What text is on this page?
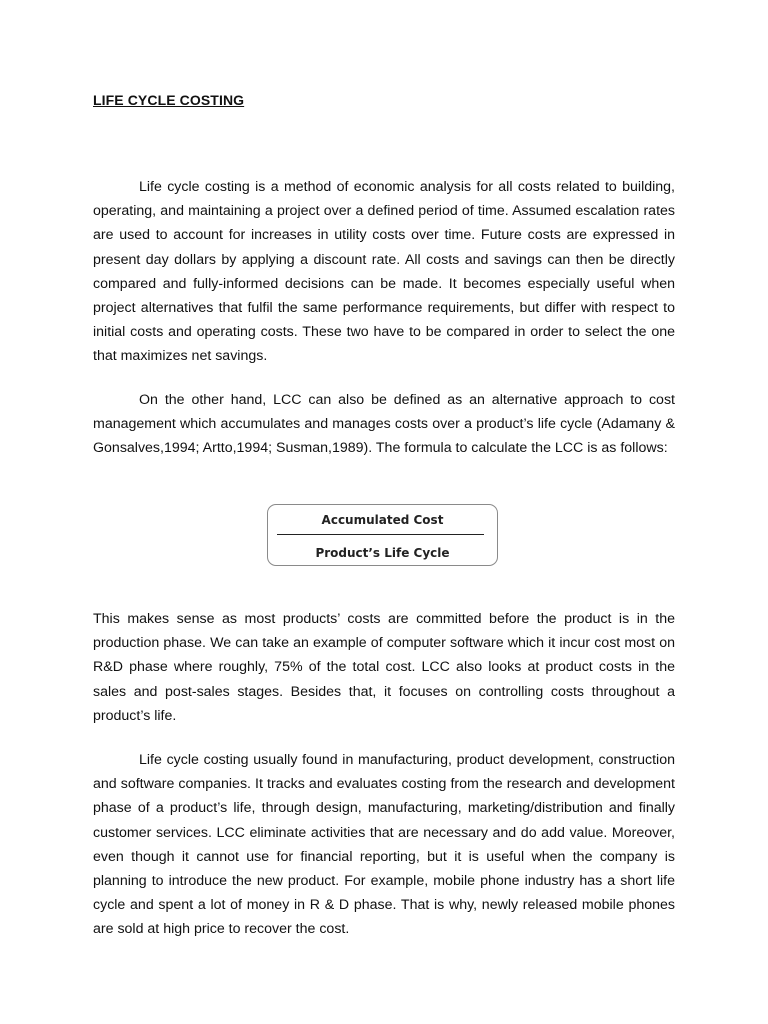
LIFE CYCLE COSTING

Life cycle costing is a method of economic analysis for all costs related to building, operating, and maintaining a project over a defined period of time. Assumed escalation rates are used to account for increases in utility costs over time. Future costs are expressed in present day dollars by applying a discount rate. All costs and savings can then be directly compared and fully-informed decisions can be made. It becomes especially useful when project alternatives that fulfil the same performance requirements, but differ with respect to initial costs and operating costs. These two have to be compared in order to select the one that maximizes net savings.

On the other hand, LCC can also be defined as an alternative approach to cost management which accumulates and manages costs over a product’s life cycle (Adamany & Gonsalves,1994; Artto,1994; Susman,1989). The formula to calculate the LCC is as follows:

Accumulated Cost
Product’s Life Cycle

This makes sense as most products’ costs are committed before the product is in the production phase. We can take an example of computer software which it incur cost most on R&D phase where roughly, 75% of the total cost. LCC also looks at product costs in the sales and post-sales stages. Besides that, it focuses on controlling costs throughout a product’s life.

Life cycle costing usually found in manufacturing, product development, construction and software companies. It tracks and evaluates costing from the research and development phase of a product’s life, through design, manufacturing, marketing/distribution and finally customer services. LCC eliminate activities that are necessary and do add value. Moreover, even though it cannot use for financial reporting, but it is useful when the company is planning to introduce the new product. For example, mobile phone industry has a short life cycle and spent a lot of money in R & D phase. That is why, newly released mobile phones are sold at high price to recover the cost.
